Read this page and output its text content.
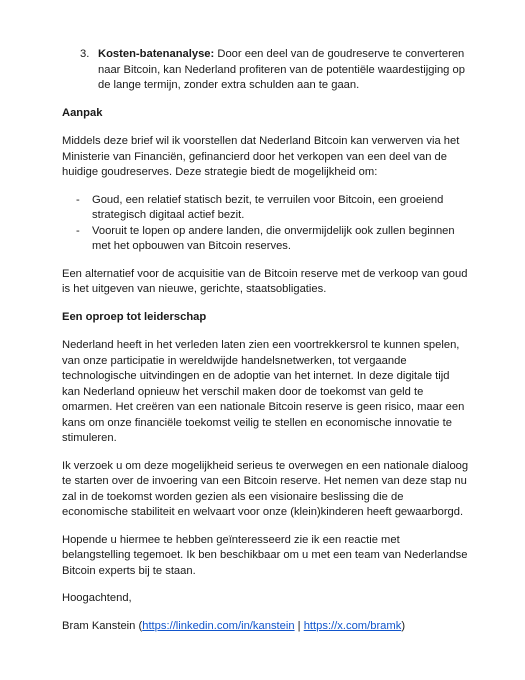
3. Kosten-batenanalyse: Door een deel van de goudreserve te converteren naar Bitcoin, kan Nederland profiteren van de potentiële waardestijging op de lange termijn, zonder extra schulden aan te gaan.

Aanpak

Middels deze brief wil ik voorstellen dat Nederland Bitcoin kan verwerven via het Ministerie van Financiën, gefinancierd door het verkopen van een deel van de huidige goudreserves. Deze strategie biedt de mogelijkheid om:

-	Goud, een relatief statisch bezit, te verruilen voor Bitcoin, een groeiend strategisch digitaal actief bezit.
-	Vooruit te lopen op andere landen, die onvermijdelijk ook zullen beginnen met het opbouwen van Bitcoin reserves.

Een alternatief voor de acquisitie van de Bitcoin reserve met de verkoop van goud is het uitgeven van nieuwe, gerichte, staatsobligaties.

Een oproep tot leiderschap

Nederland heeft in het verleden laten zien een voortrekkersrol te kunnen spelen, van onze participatie in wereldwijde handelsnetwerken, tot vergaande technologische uitvindingen en de adoptie van het internet. In deze digitale tijd kan Nederland opnieuw het verschil maken door de toekomst van geld te omarmen. Het creëren van een nationale Bitcoin reserve is geen risico, maar een kans om onze financiële toekomst veilig te stellen en economische innovatie te stimuleren.

Ik verzoek u om deze mogelijkheid serieus te overwegen en een nationale dialoog te starten over de invoering van een Bitcoin reserve. Het nemen van deze stap nu zal in de toekomst worden gezien als een visionaire beslissing die de economische stabiliteit en welvaart voor onze (klein)kinderen heeft gewaarborgd.

Hopende u hiermee te hebben geïnteresseerd zie ik een reactie met belangstelling tegemoet. Ik ben beschikbaar om u met een team van Nederlandse Bitcoin experts bij te staan.

Hoogachtend,

Bram Kanstein (https://linkedin.com/in/kanstein | https://x.com/bramk)
